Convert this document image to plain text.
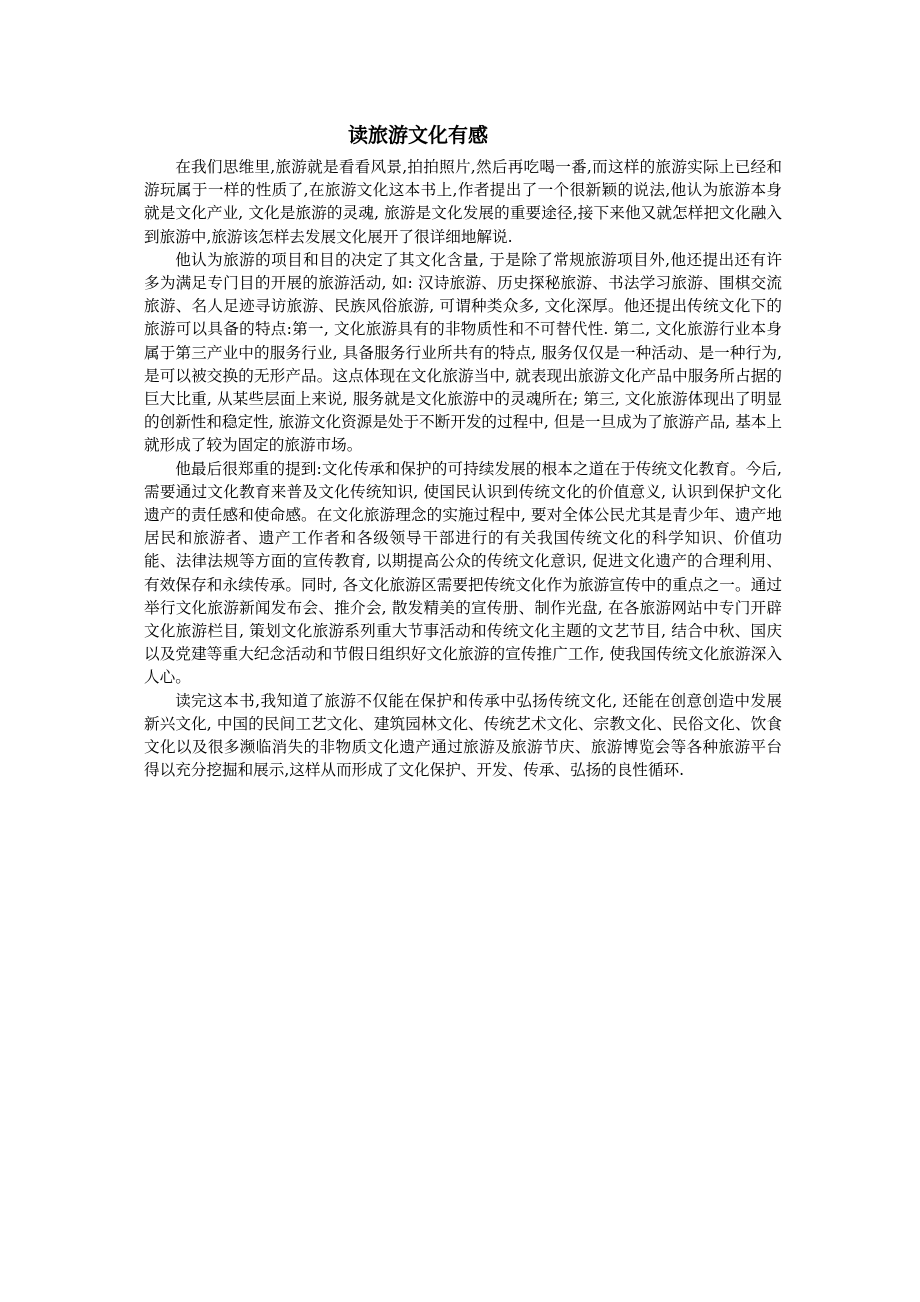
读旅游文化有感

在我们思维里,旅游就是看看风景,拍拍照片,然后再吃喝一番,而这样的旅游实际上已经和游玩属于一样的性质了,在旅游文化这本书上,作者提出了一个很新颖的说法,他认为旅游本身就是文化产业, 文化是旅游的灵魂, 旅游是文化发展的重要途径,接下来他又就怎样把文化融入到旅游中,旅游该怎样去发展文化展开了很详细地解说.

他认为旅游的项目和目的决定了其文化含量, 于是除了常规旅游项目外,他还提出还有许多为满足专门目的开展的旅游活动, 如: 汉诗旅游、历史探秘旅游、书法学习旅游、围棋交流旅游、名人足迹寻访旅游、民族风俗旅游, 可谓种类众多, 文化深厚。他还提出传统文化下的旅游可以具备的特点:第一, 文化旅游具有的非物质性和不可替代性. 第二, 文化旅游行业本身属于第三产业中的服务行业, 具备服务行业所共有的特点, 服务仅仅是一种活动、是一种行为, 是可以被交换的无形产品。这点体现在文化旅游当中, 就表现出旅游文化产品中服务所占据的巨大比重, 从某些层面上来说, 服务就是文化旅游中的灵魂所在; 第三, 文化旅游体现出了明显的创新性和稳定性, 旅游文化资源是处于不断开发的过程中, 但是一旦成为了旅游产品, 基本上就形成了较为固定的旅游市场。

他最后很郑重的提到:文化传承和保护的可持续发展的根本之道在于传统文化教育。今后, 需要通过文化教育来普及文化传统知识, 使国民认识到传统文化的价值意义, 认识到保护文化遗产的责任感和使命感。在文化旅游理念的实施过程中, 要对全体公民尤其是青少年、遗产地居民和旅游者、遗产工作者和各级领导干部进行的有关我国传统文化的科学知识、价值功能、法律法规等方面的宣传教育, 以期提高公众的传统文化意识, 促进文化遗产的合理利用、有效保存和永续传承。同时, 各文化旅游区需要把传统文化作为旅游宣传中的重点之一。通过举行文化旅游新闻发布会、推介会, 散发精美的宣传册、制作光盘, 在各旅游网站中专门开辟文化旅游栏目, 策划文化旅游系列重大节事活动和传统文化主题的文艺节目, 结合中秋、国庆以及党建等重大纪念活动和节假日组织好文化旅游的宣传推广工作, 使我国传统文化旅游深入人心。

读完这本书,我知道了旅游不仅能在保护和传承中弘扬传统文化, 还能在创意创造中发展新兴文化, 中国的民间工艺文化、建筑园林文化、传统艺术文化、宗教文化、民俗文化、饮食文化以及很多濒临消失的非物质文化遗产通过旅游及旅游节庆、旅游博览会等各种旅游平台得以充分挖掘和展示,这样从而形成了文化保护、开发、传承、弘扬的良性循环.
